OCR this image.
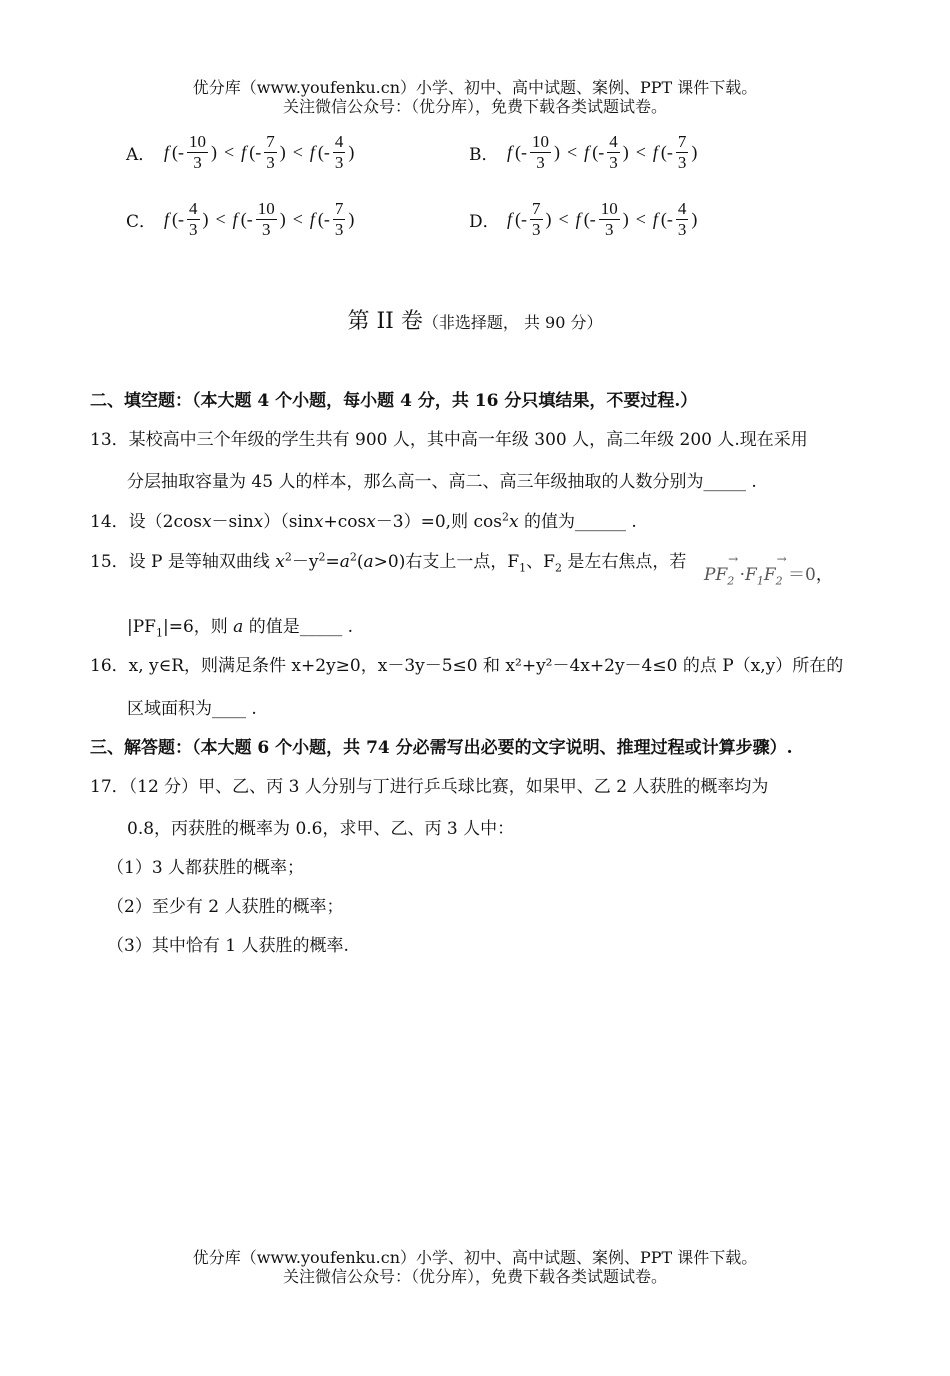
优分库（www.youfenku.cn）小学、初中、高中试题、案例、PPT 课件下载。
关注微信公众号：（优分库），免费下载各类试题试卷。
A． f ( - $\frac{10}{3}$ ) < f ( - $\frac{7}{3}$ ) < f ( - $\frac{4}{3}$ )	B． f ( - $\frac{10}{3}$ ) < f ( - $\frac{4}{3}$ ) < f ( - $\frac{7}{3}$ )
C． f ( - $\frac{4}{3}$ ) < f ( - $\frac{10}{3}$ ) < f ( - $\frac{7}{3}$ )	D． f ( - $\frac{7}{3}$ ) < f ( - $\frac{10}{3}$ ) < f ( - $\frac{4}{3}$ )
第 II 卷（非选择题， 共 90 分）
二、填空题：（本大题 4 个小题，每小题 4 分，共 16 分只填结果，不要过程.）
13．某校高中三个年级的学生共有 900 人，其中高一年级 300 人，高二年级 200 人.现在采用
分层抽取容量为 45 人的样本，那么高一、高二、高三年级抽取的人数分别为_____ .
14．设（2cosx－sinx）（sinx+cosx－3）=0,则 $\cos^2x$ 的值为______ .
15．设 P 是等轴双曲线 $x^2-y^2=a^2(a>0)$右支上一点，$F_1$、$F_2$ 是左右焦点，若
→ $PF_2 \cdot\to F_1F_2 =0$，
$|PF_1|=6$，则 a 的值是_____ .
16．x, y∈R，则满足条件 x+2y≥0，x－3y－5≤0 和 x²+y²－4x+2y－4≤0 的点 P（x,y）所在的
区域面积为____ .
三、解答题：（本大题 6 个小题，共 74 分必需写出必要的文字说明、推理过程或计算步骤）.
17．（12 分）甲、乙、丙 3 人分别与丁进行乒乓球比赛，如果甲、乙 2 人获胜的概率均为
0.8，丙获胜的概率为 0.6，求甲、乙、丙 3 人中：
（1）3 人都获胜的概率；
（2）至少有 2 人获胜的概率；
（3）其中恰有 1 人获胜的概率.
优分库（www.youfenku.cn）小学、初中、高中试题、案例、PPT 课件下载。
关注微信公众号：（优分库），免费下载各类试题试卷。
